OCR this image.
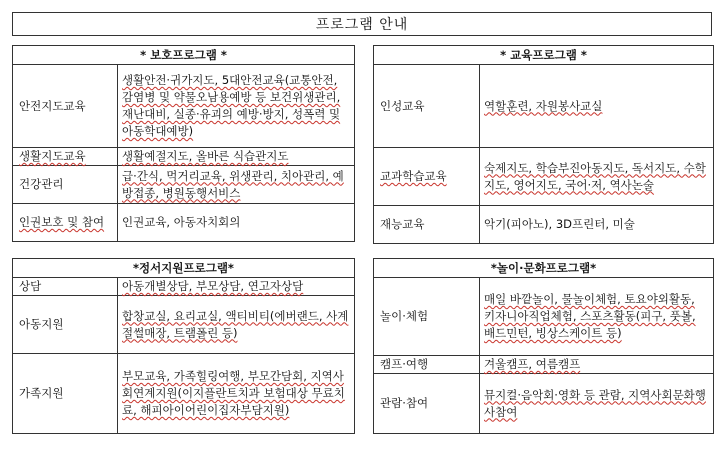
프로그램 안내
* 보호프로그램 *	
안전지도교육	생활안전·귀가지도, 5대안전교육(교통안전, 감염병 및 약물오남용예방 등 보건위생관리, 재난대비, 실종·유괴의 예방·방지, 성폭력 및 아동학대예방)
생활지도교육	생활예절지도, 올바른 식습관지도
건강관리	급·간식, 먹거리교육, 위생관리, 치아관리, 예방접종, 병원동행서비스
인권보호 및 참여	인권교육, 아동자치회의
* 교육프로그램 *	
인성교육	역할훈련, 자원봉사교실
교과학습교육	숙제지도, 학습부진아동지도, 독서지도, 수학지도, 영어지도, 국어·저, 역사논술
재능교육	악기(피아노), 3D프린터, 미술
*정서지원프로그램*	
상담	아동개별상담, 부모상담, 연고자상담
아동지원	합창교실, 요리교실, 액티비티(에버랜드, 사계절썰매장, 트램폴린 등)
가족지원	부모교육, 가족힐링여행, 부모간담회, 지역사회연계지원(이지플란트치과 보험대상 무료치료, 해피아이어린이집자부담지원)
*놀이·문화프로그램*	
놀이·체험	매일 바깥놀이, 물놀이체험, 토요야외활동, 키자니아직업체험, 스포츠활동(피구, 풋볼, 배드민턴, 빙상스케이트 등)
캠프·여행	겨울캠프, 여름캠프
관람·참여	뮤지컬·음악회·영화 등 관람, 지역사회문화행사참여
